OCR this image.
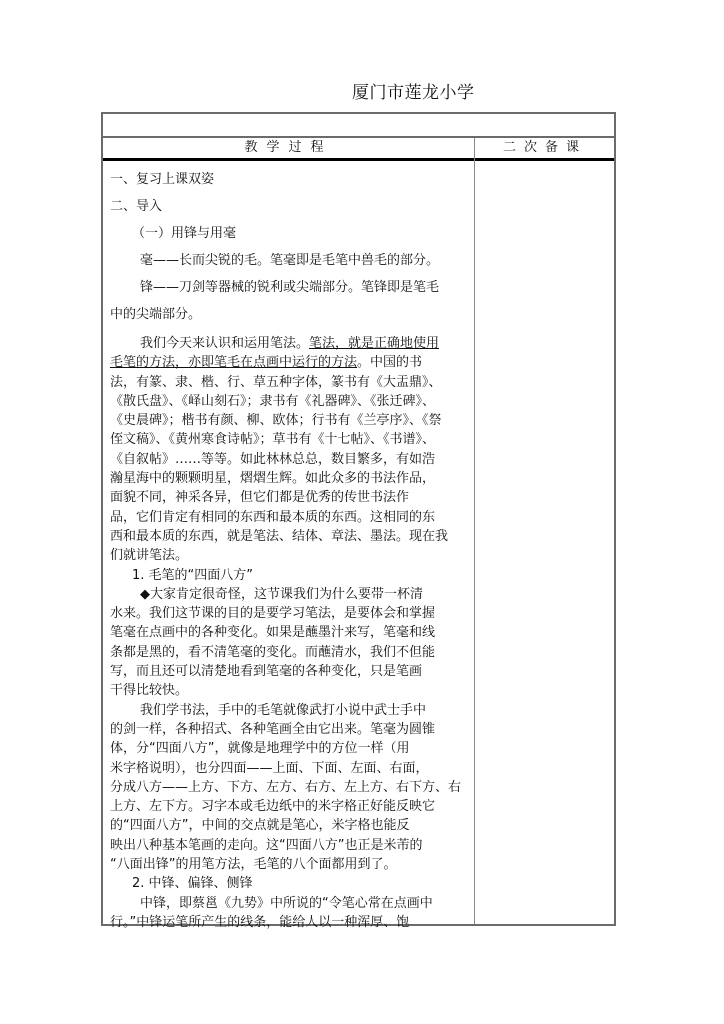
厦门市莲龙小学
教学过程	二次备课

一、复习上课双姿

二、导入

（一）用锋与用毫

毫——长而尖锐的毛。笔毫即是毛笔中兽毛的部分。

锋——刀剑等器械的锐利或尖端部分。笔锋即是笔毛

中的尖端部分。

我们今天来认识和运用笔法。笔法，就是正确地使用

毛笔的方法，亦即笔毛在点画中运行的方法。中国的书

法，有篆、隶、楷、行、草五种字体，篆书有《大盂鼎》、

《散氏盘》、《峄山刻石》；隶书有《礼器碑》、《张迁碑》、

《史晨碑》；楷书有颜、柳、欧体；行书有《兰亭序》、《祭

侄文稿》、《黄州寒食诗帖》；草书有《十七帖》、《书谱》、

《自叙帖》……等等。如此林林总总，数目繁多，有如浩

瀚星海中的颗颗明星，熠熠生辉。如此众多的书法作品，

面貌不同，神采各异，但它们都是优秀的传世书法作

品，它们肯定有相同的东西和最本质的东西。这相同的东

西和最本质的东西，就是笔法、结体、章法、墨法。现在我

们就讲笔法。

1. 毛笔的“四面八方”

◆大家肯定很奇怪，这节课我们为什么要带一杯清

水来。我们这节课的目的是要学习笔法，是要体会和掌握

笔毫在点画中的各种变化。如果是蘸墨汁来写，笔毫和线

条都是黑的，看不清笔毫的变化。而蘸清水，我们不但能

写，而且还可以清楚地看到笔毫的各种变化，只是笔画

干得比较快。

我们学书法，手中的毛笔就像武打小说中武士手中

的剑一样，各种招式、各种笔画全由它出来。笔毫为圆锥

体，分“四面八方”，就像是地理学中的方位一样（用

米字格说明），也分四面——上面、下面、左面、右面，

分成八方——上方、下方、左方、右方、左上方、右下方、右

上方、左下方。习字本或毛边纸中的米字格正好能反映它

的“四面八方”，中间的交点就是笔心，米字格也能反

映出八种基本笔画的走向。这“四面八方”也正是米芾的

“八面出锋”的用笔方法，毛笔的八个面都用到了。

2. 中锋、偏锋、侧锋

中锋，即蔡邕《九势》中所说的“令笔心常在点画中

行。”中锋运笔所产生的线条，能给人以一种浑厚、饱
